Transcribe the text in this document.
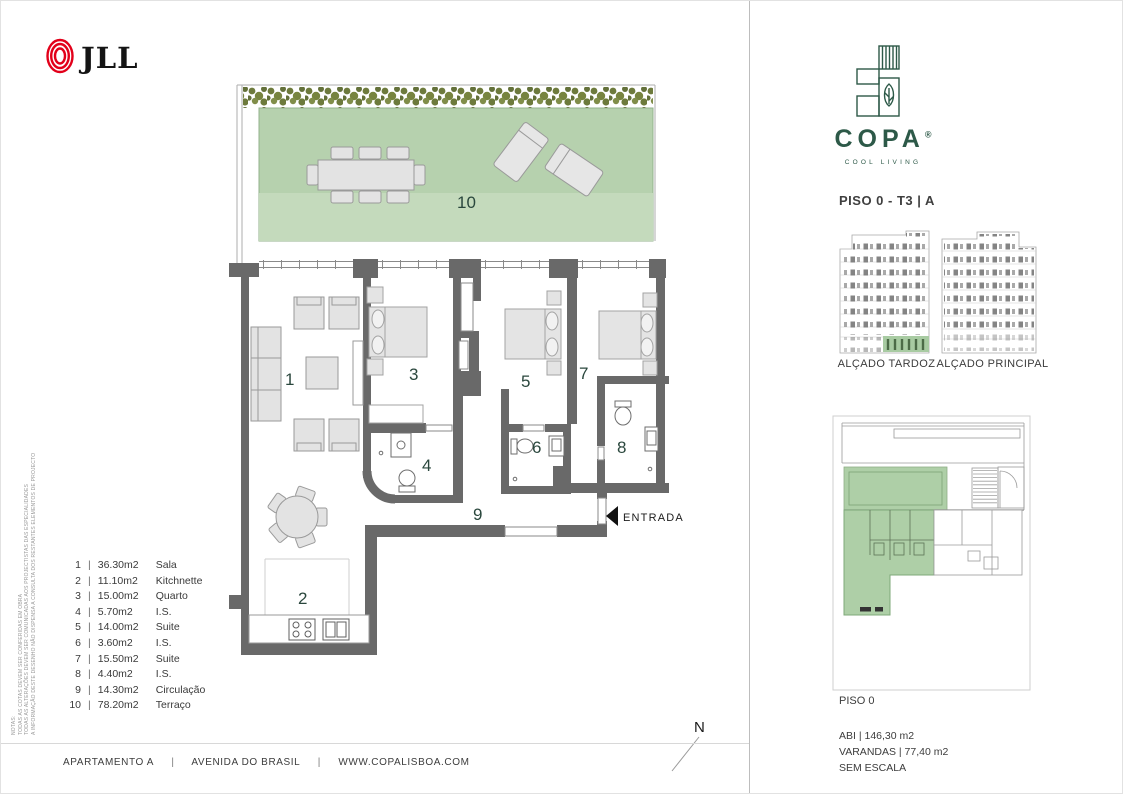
1
2
3
4
5
6
7
8
9
10
ENTRADA
N
JLL
1 | 36.30m2	Sala
2 | 11.10m2	Kitchnette
3 | 15.00m2	Quarto
4 | 5.70m2	I.S.
5 | 14.00m2	Suite
6 | 3.60m2	I.S.
7 | 15.50m2	Suite
8 | 4.40m2	I.S.
9 | 14.30m2	Circulação
10 | 78.20m2	Terraço
NOTAS: TODAS AS COTAS DEVEM SER CONFERIDAS EM OBRA TODAS AS ALTERAÇÕES DEVEM SER COMUNICADAS AOS PROJECTISTAS DAS ESPECIALIDADES A INFORMAÇÃO DESTE DESENHO NÃO DISPENSA A CONSULTA DOS RESTANTES ELEMENTOS DE PROJECTO
APARTAMENTO A | AVENIDA DO BRASIL | WWW.COPALISBOA.COM
COPA®
COOL LIVING
PISO 0 - T3 | A
ALÇADO TARDOZ ALÇADO PRINCIPAL
PISO 0
ABI | 146,30 m2
VARANDAS | 77,40 m2
SEM ESCALA
